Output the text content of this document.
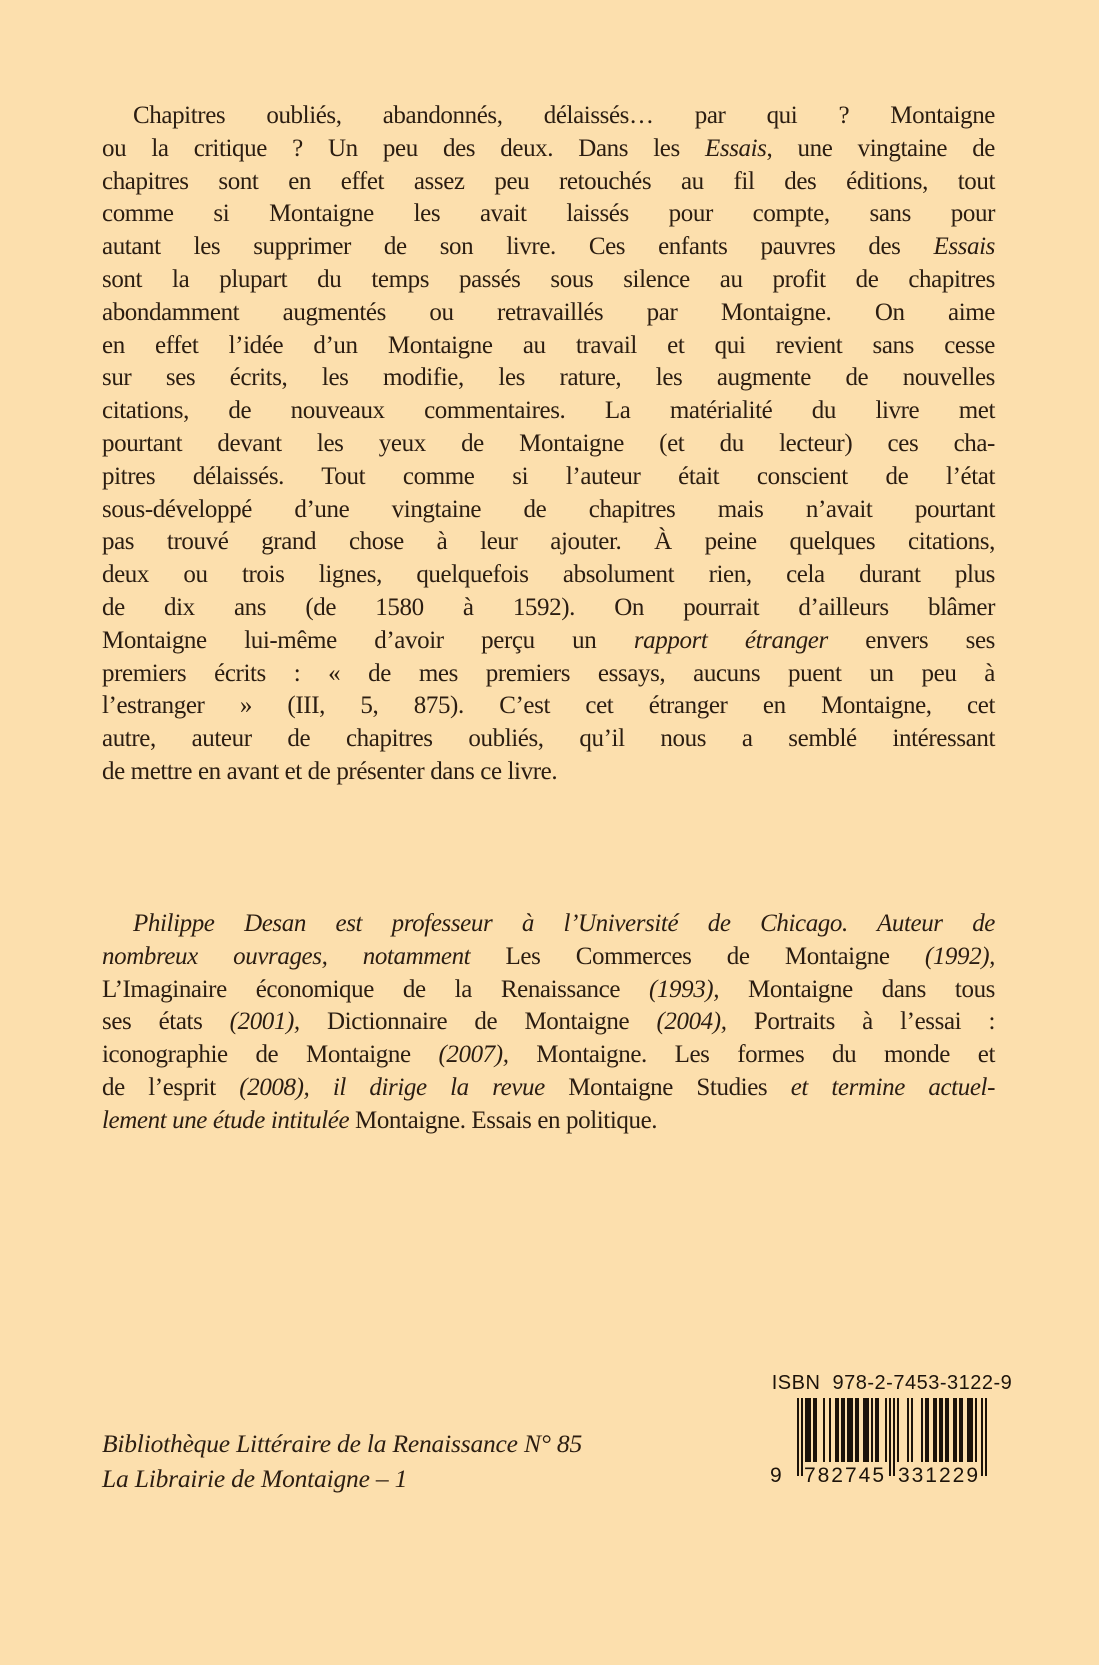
Chapitres oubliés, abandonnés, délaissés… par qui ? Montaigne
ou la critique ? Un peu des deux. Dans les Essais, une vingtaine de
chapitres sont en effet assez peu retouchés au fil des éditions, tout
comme si Montaigne les avait laissés pour compte, sans pour
autant les supprimer de son livre. Ces enfants pauvres des Essais
sont la plupart du temps passés sous silence au profit de chapitres
abondamment augmentés ou retravaillés par Montaigne. On aime
en effet l’idée d’un Montaigne au travail et qui revient sans cesse
sur ses écrits, les modifie, les rature, les augmente de nouvelles
citations, de nouveaux commentaires. La matérialité du livre met
pourtant devant les yeux de Montaigne (et du lecteur) ces cha-
pitres délaissés. Tout comme si l’auteur était conscient de l’état
sous-développé d’une vingtaine de chapitres mais n’avait pourtant
pas trouvé grand chose à leur ajouter. À peine quelques citations,
deux ou trois lignes, quelquefois absolument rien, cela durant plus
de dix ans (de 1580 à 1592). On pourrait d’ailleurs blâmer
Montaigne lui-même d’avoir perçu un rapport étranger envers ses
premiers écrits : « de mes premiers essays, aucuns puent un peu à
l’estranger » (III, 5, 875). C’est cet étranger en Montaigne, cet
autre, auteur de chapitres oubliés, qu’il nous a semblé intéressant
de mettre en avant et de présenter dans ce livre.
Philippe Desan est professeur à l’Université de Chicago. Auteur de
nombreux ouvrages, notamment Les Commerces de Montaigne (1992),
L’Imaginaire économique de la Renaissance (1993), Montaigne dans tous
ses états (2001), Dictionnaire de Montaigne (2004), Portraits à l’essai :
iconographie de Montaigne (2007), Montaigne. Les formes du monde et
de l’esprit (2008), il dirige la revue Montaigne Studies et termine actuel-
lement une étude intitulée Montaigne. Essais en politique.
Bibliothèque Littéraire de la Renaissance N° 85
La Librairie de Montaigne – 1
ISBN  978-2-7453-3122-9
9 782745 331229
